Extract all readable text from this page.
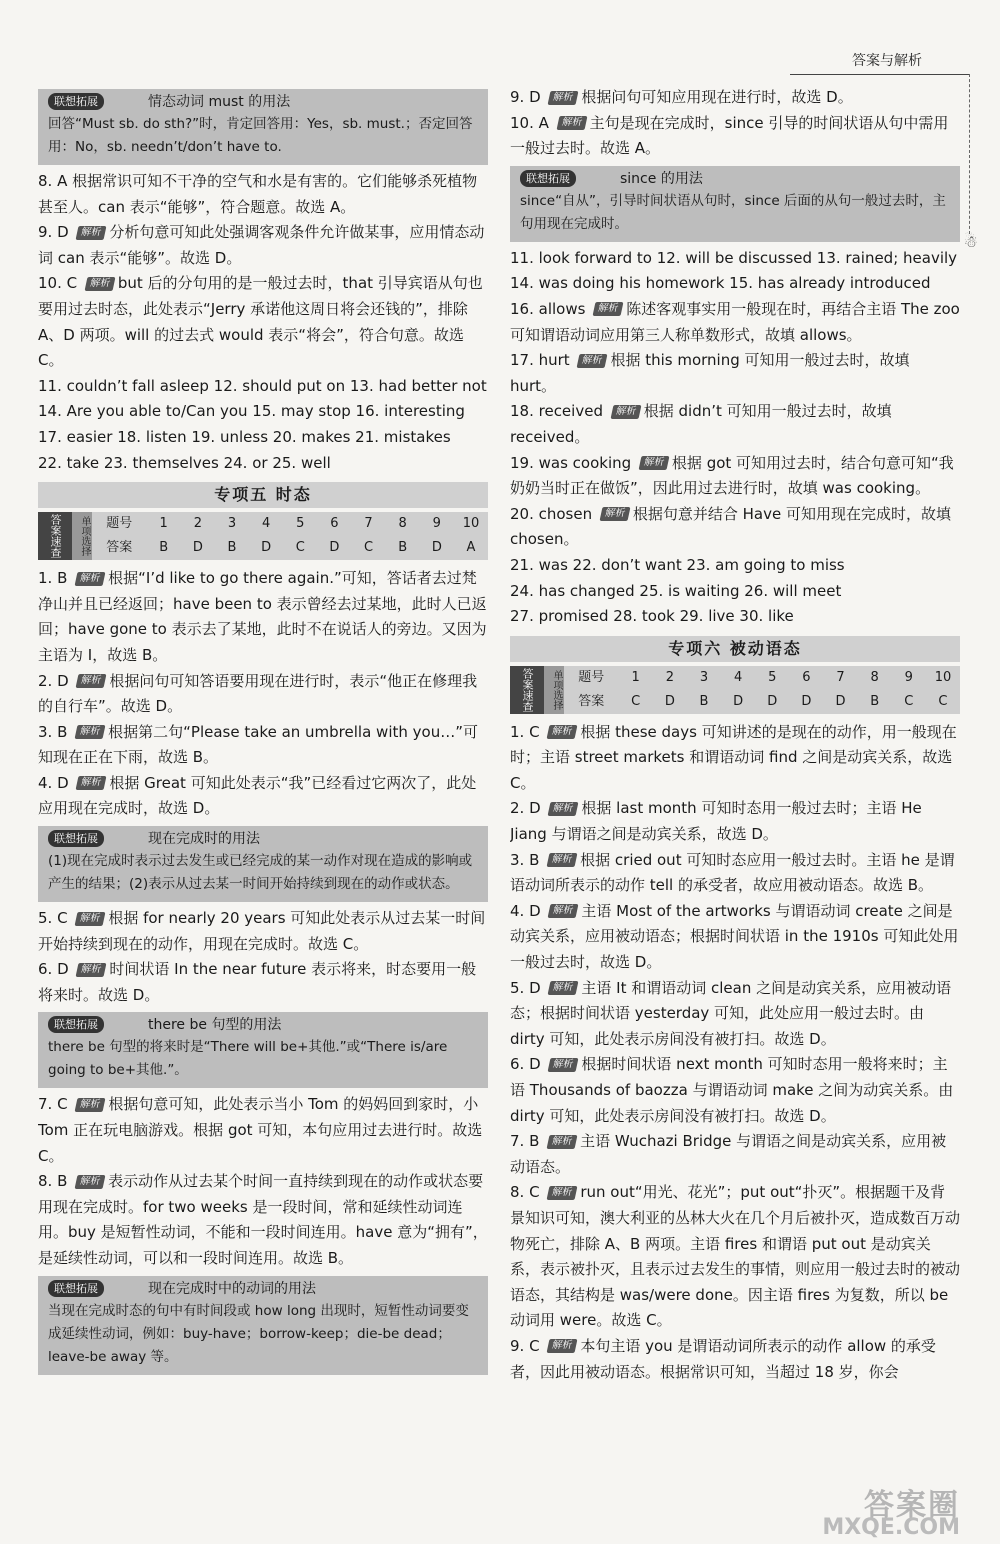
答案与解析
☃
联想拓展	情态动词 must 的用法
回答“Must sb. do sth?”时，肯定回答用：Yes，sb. must.；否定回答用：No，sb. needn’t/don’t have to.
8. A 根据常识可知不干净的空气和水是有害的。它们能够杀死植物甚至人。can 表示“能够”，符合题意。故选 A。
9. D 解析 分析句意可知此处强调客观条件允许做某事，应用情态动词 can 表示“能够”。故选 D。
10. C 解析 but 后的分句用的是一般过去时，that 引导宾语从句也要用过去时态，此处表示“Jerry 承诺他这周日将会还钱的”，排除 A、D 两项。will 的过去式 would 表示“将会”，符合句意。故选 C。
11. couldn’t fall asleep 12. should put on 13. had better not
14. Are you able to/Can you 15. may stop 16. interesting
17. easier 18. listen 19. unless 20. makes 21. mistakes
22. take 23. themselves 24. or 25. well
专项五 时态
答案速查	单项选择	题号	1	2	3	4	5	6	7	8	9	10
答案	B	D	B	D	C	D	C	B	D	A
1. B 解析 根据“I’d like to go there again.”可知，答话者去过梵净山并且已经返回；have been to 表示曾经去过某地，此时人已返回；have gone to 表示去了某地，此时不在说话人的旁边。又因为主语为 I，故选 B。
2. D 解析 根据问句可知答语要用现在进行时，表示“他正在修理我的自行车”。故选 D。
3. B 解析 根据第二句“Please take an umbrella with you…”可知现在正在下雨，故选 B。
4. D 解析 根据 Great 可知此处表示“我”已经看过它两次了，此处应用现在完成时，故选 D。
联想拓展	现在完成时的用法
(1)现在完成时表示过去发生或已经完成的某一动作对现在造成的影响或产生的结果；(2)表示从过去某一时间开始持续到现在的动作或状态。
5. C 解析 根据 for nearly 20 years 可知此处表示从过去某一时间开始持续到现在的动作，用现在完成时。故选 C。
6. D 解析 时间状语 In the near future 表示将来，时态要用一般将来时。故选 D。
联想拓展	there be 句型的用法
there be 句型的将来时是“There will be+其他.”或“There is/are going to be+其他.”。
7. C 解析 根据句意可知，此处表示当小 Tom 的妈妈回到家时，小 Tom 正在玩电脑游戏。根据 got 可知，本句应用过去进行时。故选 C。
8. B 解析 表示动作从过去某个时间一直持续到现在的动作或状态要用现在完成时。for two weeks 是一段时间，常和延续性动词连用。buy 是短暂性动词，不能和一段时间连用。have 意为“拥有”，是延续性动词，可以和一段时间连用。故选 B。
联想拓展	现在完成时中的动词的用法
当现在完成时态的句中有时间段或 how long 出现时，短暂性动词要变成延续性动词，例如：buy-have；borrow-keep；die-be dead；leave-be away 等。
9. D 解析 根据问句可知应用现在进行时，故选 D。
10. A 解析 主句是现在完成时，since 引导的时间状语从句中需用一般过去时。故选 A。
联想拓展	since 的用法
since“自从”，引导时间状语从句时，since 后面的从句一般过去时，主句用现在完成时。
11. look forward to 12. will be discussed 13. rained; heavily
14. was doing his homework 15. has already introduced
16. allows 解析 陈述客观事实用一般现在时，再结合主语 The zoo 可知谓语动词应用第三人称单数形式，故填 allows。
17. hurt 解析 根据 this morning 可知用一般过去时，故填 hurt。
18. received 解析 根据 didn’t 可知用一般过去时，故填 received。
19. was cooking 解析 根据 got 可知用过去时，结合句意可知“我奶奶当时正在做饭”，因此用过去进行时，故填 was cooking。
20. chosen 解析 根据句意并结合 Have 可知用现在完成时，故填 chosen。
21. was 22. don’t want 23. am going to miss
24. has changed 25. is waiting 26. will meet
27. promised 28. took 29. live 30. like
专项六 被动语态
答案速查	单项选择	题号	1	2	3	4	5	6	7	8	9	10
答案	C	D	B	D	D	D	D	B	C	C
1. C 解析 根据 these days 可知讲述的是现在的动作，用一般现在时；主语 street markets 和谓语动词 find 之间是动宾关系，故选 C。
2. D 解析 根据 last month 可知时态用一般过去时；主语 He Jiang 与谓语之间是动宾关系，故选 D。
3. B 解析 根据 cried out 可知时态应用一般过去时。主语 he 是谓语动词所表示的动作 tell 的承受者，故应用被动语态。故选 B。
4. D 解析 主语 Most of the artworks 与谓语动词 create 之间是动宾关系，应用被动语态；根据时间状语 in the 1910s 可知此处用一般过去时，故选 D。
5. D 解析 主语 It 和谓语动词 clean 之间是动宾关系，应用被动语态；根据时间状语 yesterday 可知，此处应用一般过去时。由 dirty 可知，此处表示房间没有被打扫。故选 D。
6. D 解析 根据时间状语 next month 可知时态用一般将来时；主语 Thousands of baozza 与谓语动词 make 之间为动宾关系。由 dirty 可知，此处表示房间没有被打扫。故选 D。
7. B 解析 主语 Wuchazi Bridge 与谓语之间是动宾关系，应用被动语态。
8. C 解析 run out“用光、花光”；put out“扑灭”。根据题干及背景知识可知，澳大利亚的丛林大火在几个月后被扑灭，造成数百万动物死亡，排除 A、B 两项。主语 fires 和谓语 put out 是动宾关系，表示被扑灭，且表示过去发生的事情，则应用一般过去时的被动语态，其结构是 was/were done。因主语 fires 为复数，所以 be 动词用 were。故选 C。
9. C 解析 本句主语 you 是谓语动词所表示的动作 allow 的承受者，因此用被动语态。根据常识可知，当超过 18 岁，你会
答案圈
MXQE.COM
